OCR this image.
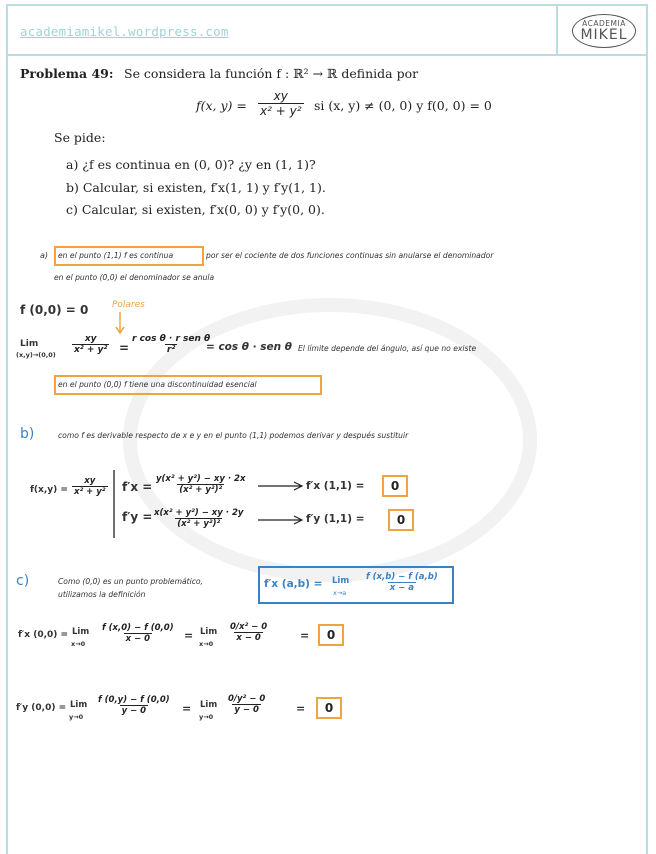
academiamikel.wordpress.com
ACADEMIA
MIKEL
Problema 49: Se considera la función f : ℝ² → ℝ definida por
f(x, $y) = \frac{xy}{\text{x² + y²}}$ si (x, y) ≠ (0, 0) y f(0, 0) = 0
Se pide:
a) ¿f es continua en (0, 0)? ¿y en (1, 1)?
b) Calcular, si existen, f′x(1, 1) y f′y(1, 1).
c) Calcular, si existen, f′x(0, 0) y f′y(0, 0).
a) en el punto (1,1) f es continua	por ser el cociente de dos funciones continuas sin anularse el denominador
en el punto (0,0) el denominador se anula
f (0,0) = 0	Polares
Lim
$(x,y)\to(0,0) \frac{xy}{\text{x² + y²}}$ =
r cos θ · r sen θ
r²	= cos θ · sen θ El límite depende del ángulo, así que no existe
en el punto (0,0) f tiene una discontinuidad esencial
b)	como f es derivable respecto de x e y en el punto (1,1) podemos derivar y después sustituir
$f(x,y) = \frac{xy}{\text{x² + y²}} f'x = \frac{\text{y(x² + y²) − xy · 2x}}{\text{(x² + y²)²}}$	f′x (1,1) =	0
$f'y = \frac{\text{x(x² + y²) − xy · 2y}}{\text{(x² + y²)²}}$	f′y (1,1) =	0
c)	Como (0,0) es un punto problemático,
utilizamos la definición
f′x (a,b) = Lim
$x\to a \frac{f (x,b) - f (a,b)}{x - a}$
f′x (0,0) = Lim
$x\to 0 \frac{f (x,0) - f (0,0)}{x - 0}$ = Lim
x→0
$\frac{\text{0/x² − 0}}{x - 0}$	=	0
f′y (0,0) = Lim
y→0
$\frac{f (0,y) - f (0,0)}{y - 0}$ = Lim
y→0
$\frac{\text{0/y² − 0}}{y - 0}$	=	0
